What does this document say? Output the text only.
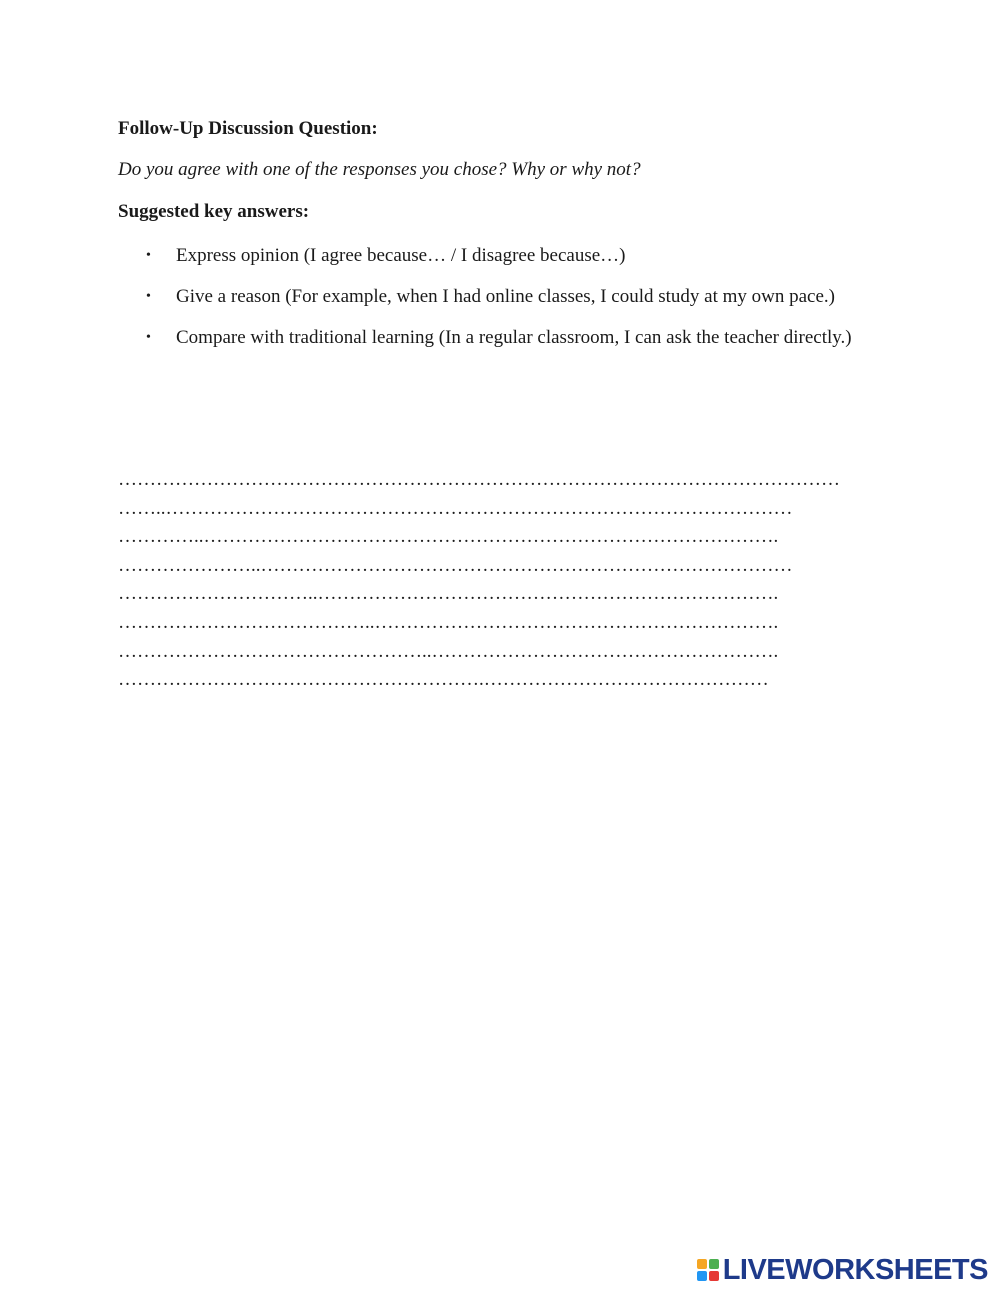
Follow-Up Discussion Question:
Do you agree with one of the responses you chose? Why or why not?
Suggested key answers:
• Express opinion (I agree because… / I disagree because…)
• Give a reason (For example, when I had online classes, I could study at my own pace.)
• Compare with traditional learning (In a regular classroom, I can ask the teacher directly.)
……………………………………………………………………………………………………
……..………………………………………………………………………………………
…………..……………………………………………………………………………….
…………………..…………………………………………………………………………
…………………………..……………………………………………………………….
…………………………………..……………………………………………………….
…………………………………………..……………………………………………….
………………………………………………….………………………………………
LIVEWORKSHEETS
